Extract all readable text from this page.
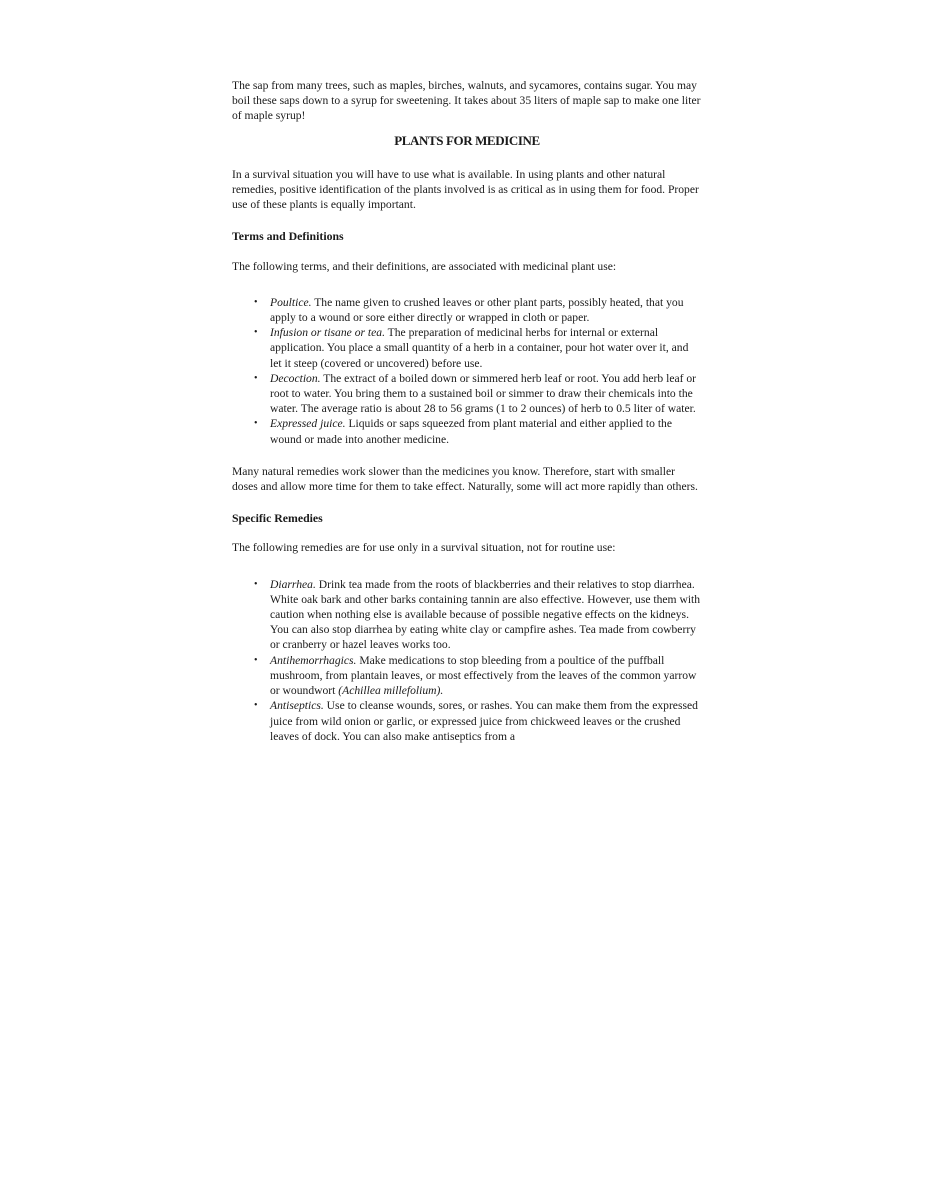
The sap from many trees, such as maples, birches, walnuts, and sycamores, contains sugar. You may boil these saps down to a syrup for sweetening. It takes about 35 liters of maple sap to make one liter of maple syrup!

PLANTS FOR MEDICINE

In a survival situation you will have to use what is available. In using plants and other natural remedies, positive identification of the plants involved is as critical as in using them for food. Proper use of these plants is equally important.

Terms and Definitions

The following terms, and their definitions, are associated with medicinal plant use:

• Poultice. The name given to crushed leaves or other plant parts, possibly heated, that you apply to a wound or sore either directly or wrapped in cloth or paper.
• Infusion or tisane or tea. The preparation of medicinal herbs for internal or external application. You place a small quantity of a herb in a container, pour hot water over it, and let it steep (covered or uncovered) before use.
• Decoction. The extract of a boiled down or simmered herb leaf or root. You add herb leaf or root to water. You bring them to a sustained boil or simmer to draw their chemicals into the water. The average ratio is about 28 to 56 grams (1 to 2 ounces) of herb to 0.5 liter of water.
• Expressed juice. Liquids or saps squeezed from plant material and either applied to the wound or made into another medicine.

Many natural remedies work slower than the medicines you know. Therefore, start with smaller doses and allow more time for them to take effect. Naturally, some will act more rapidly than others.

Specific Remedies

The following remedies are for use only in a survival situation, not for routine use:

• Diarrhea. Drink tea made from the roots of blackberries and their relatives to stop diarrhea. White oak bark and other barks containing tannin are also effective. However, use them with caution when nothing else is available because of possible negative effects on the kidneys. You can also stop diarrhea by eating white clay or campfire ashes. Tea made from cowberry or cranberry or hazel leaves works too.
• Antihemorrhagics. Make medications to stop bleeding from a poultice of the puffball mushroom, from plantain leaves, or most effectively from the leaves of the common yarrow or woundwort (Achillea millefolium).
• Antiseptics. Use to cleanse wounds, sores, or rashes. You can make them from the expressed juice from wild onion or garlic, or expressed juice from chickweed leaves or the crushed leaves of dock. You can also make antiseptics from a
